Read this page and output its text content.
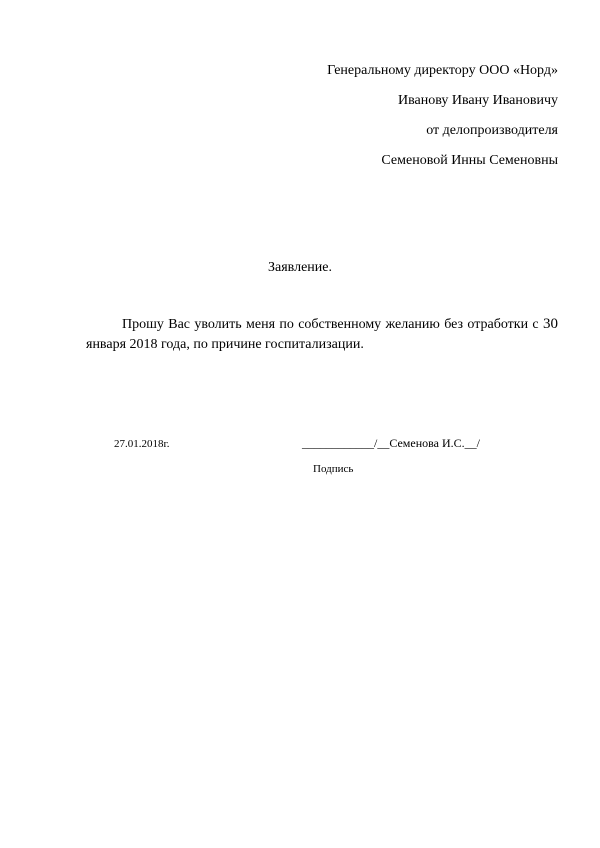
Генеральному директору ООО «Норд»
Иванову Ивану Ивановичу
от делопроизводителя
Семеновой Инны Семеновны
Заявление.
Прошу Вас уволить меня по собственному желанию без отработки с 30 января 2018 года, по причине госпитализации.
27.01.2018г.	____________/__Семенова И.С.__/
Подпись
